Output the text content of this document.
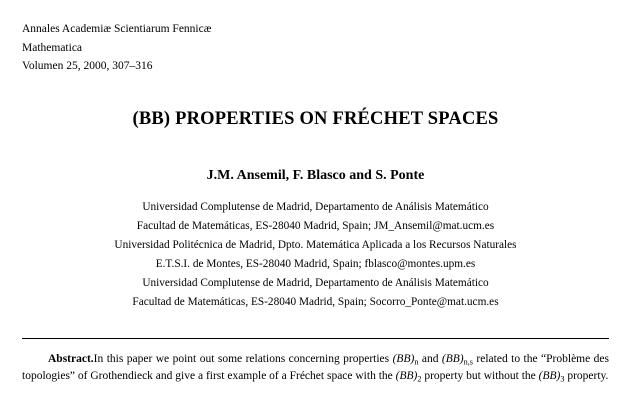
Annales Academiæ Scientiarum Fennicæ
Mathematica
Volumen 25, 2000, 307–316
(BB) PROPERTIES ON FRÉCHET SPACES
J.M. Ansemil, F. Blasco and S. Ponte
Universidad Complutense de Madrid, Departamento de Análisis Matemático
Facultad de Matemáticas, ES-28040 Madrid, Spain; JM_Ansemil@mat.ucm.es
Universidad Politécnica de Madrid, Dpto. Matemática Aplicada a los Recursos Naturales
E.T.S.I. de Montes, ES-28040 Madrid, Spain; fblasco@montes.upm.es
Universidad Complutense de Madrid, Departamento de Análisis Matemático
Facultad de Matemáticas, ES-28040 Madrid, Spain; Socorro_Ponte@mat.ucm.es
Abstract.In this paper we point out some relations concerning properties $(BB)_n$ and $(BB)_{n,s}$ related to the “Problème des topologies” of Grothendieck and give a first example of a Fréchet space with the $(BB)_2$ property but without the $(BB)_3$ property.
